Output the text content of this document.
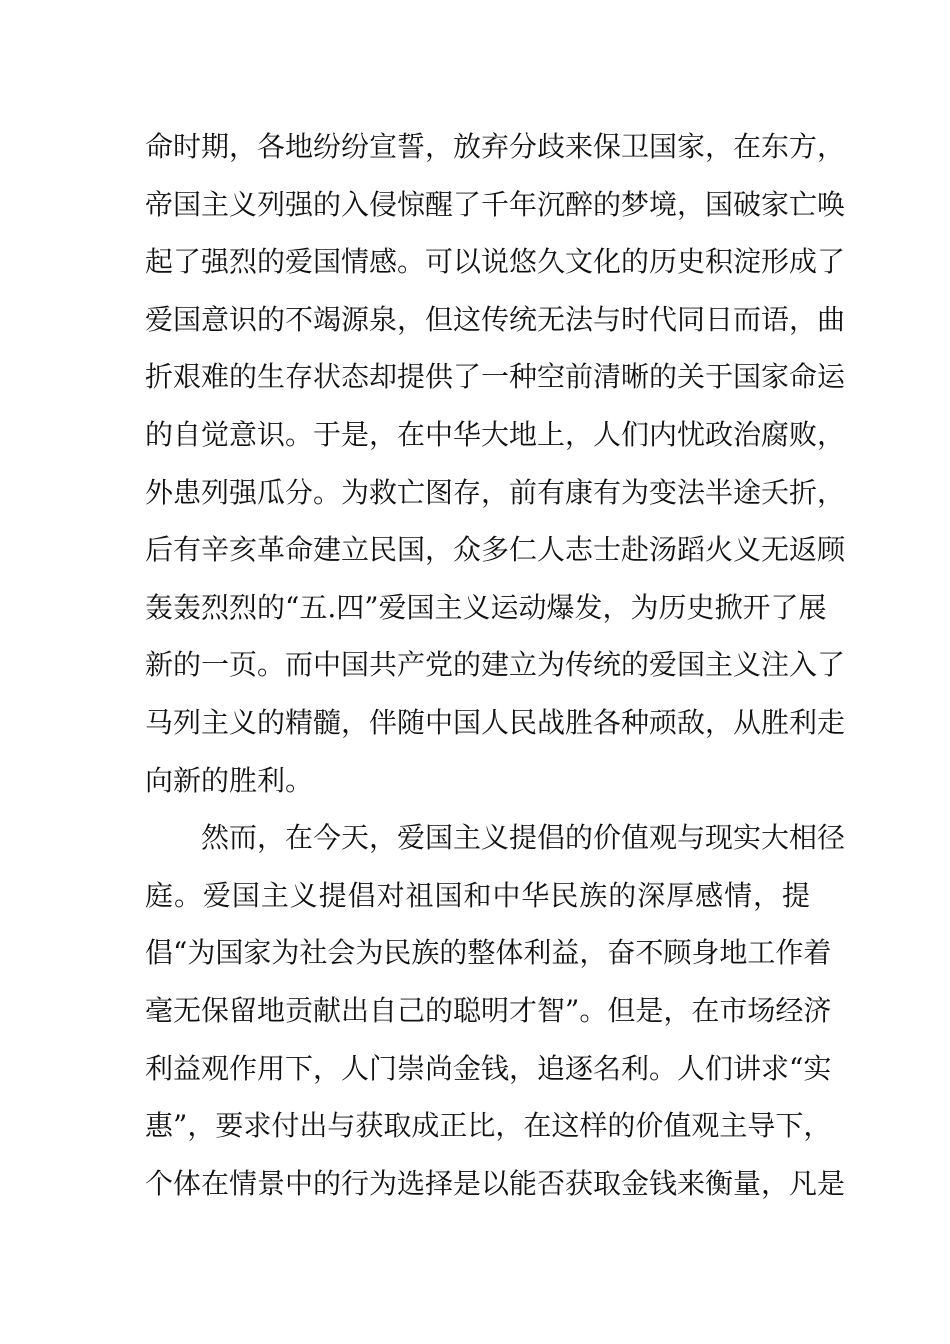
命时期，各地纷纷宣誓，放弃分歧来保卫国家，在东方，
帝国主义列强的入侵惊醒了千年沉醉的梦境，国破家亡唤
起了强烈的爱国情感。可以说悠久文化的历史积淀形成了
爱国意识的不竭源泉，但这传统无法与时代同日而语，曲
折艰难的生存状态却提供了一种空前清晰的关于国家命运
的自觉意识。于是，在中华大地上，人们内忧政治腐败，
外患列强瓜分。为救亡图存，前有康有为变法半途夭折，
后有辛亥革命建立民国，众多仁人志士赴汤蹈火义无返顾
轰轰烈烈的“五.四”爱国主义运动爆发，为历史掀开了展
新的一页。而中国共产党的建立为传统的爱国主义注入了
马列主义的精髓，伴随中国人民战胜各种顽敌，从胜利走
向新的胜利。
然而，在今天，爱国主义提倡的价值观与现实大相径
庭。爱国主义提倡对祖国和中华民族的深厚感情，提
倡“为国家为社会为民族的整体利益，奋不顾身地工作着
毫无保留地贡献出自己的聪明才智”。但是，在市场经济
利益观作用下，人门崇尚金钱，追逐名利。人们讲求“实
惠”，要求付出与获取成正比，在这样的价值观主导下，
个体在情景中的行为选择是以能否获取金钱来衡量，凡是
